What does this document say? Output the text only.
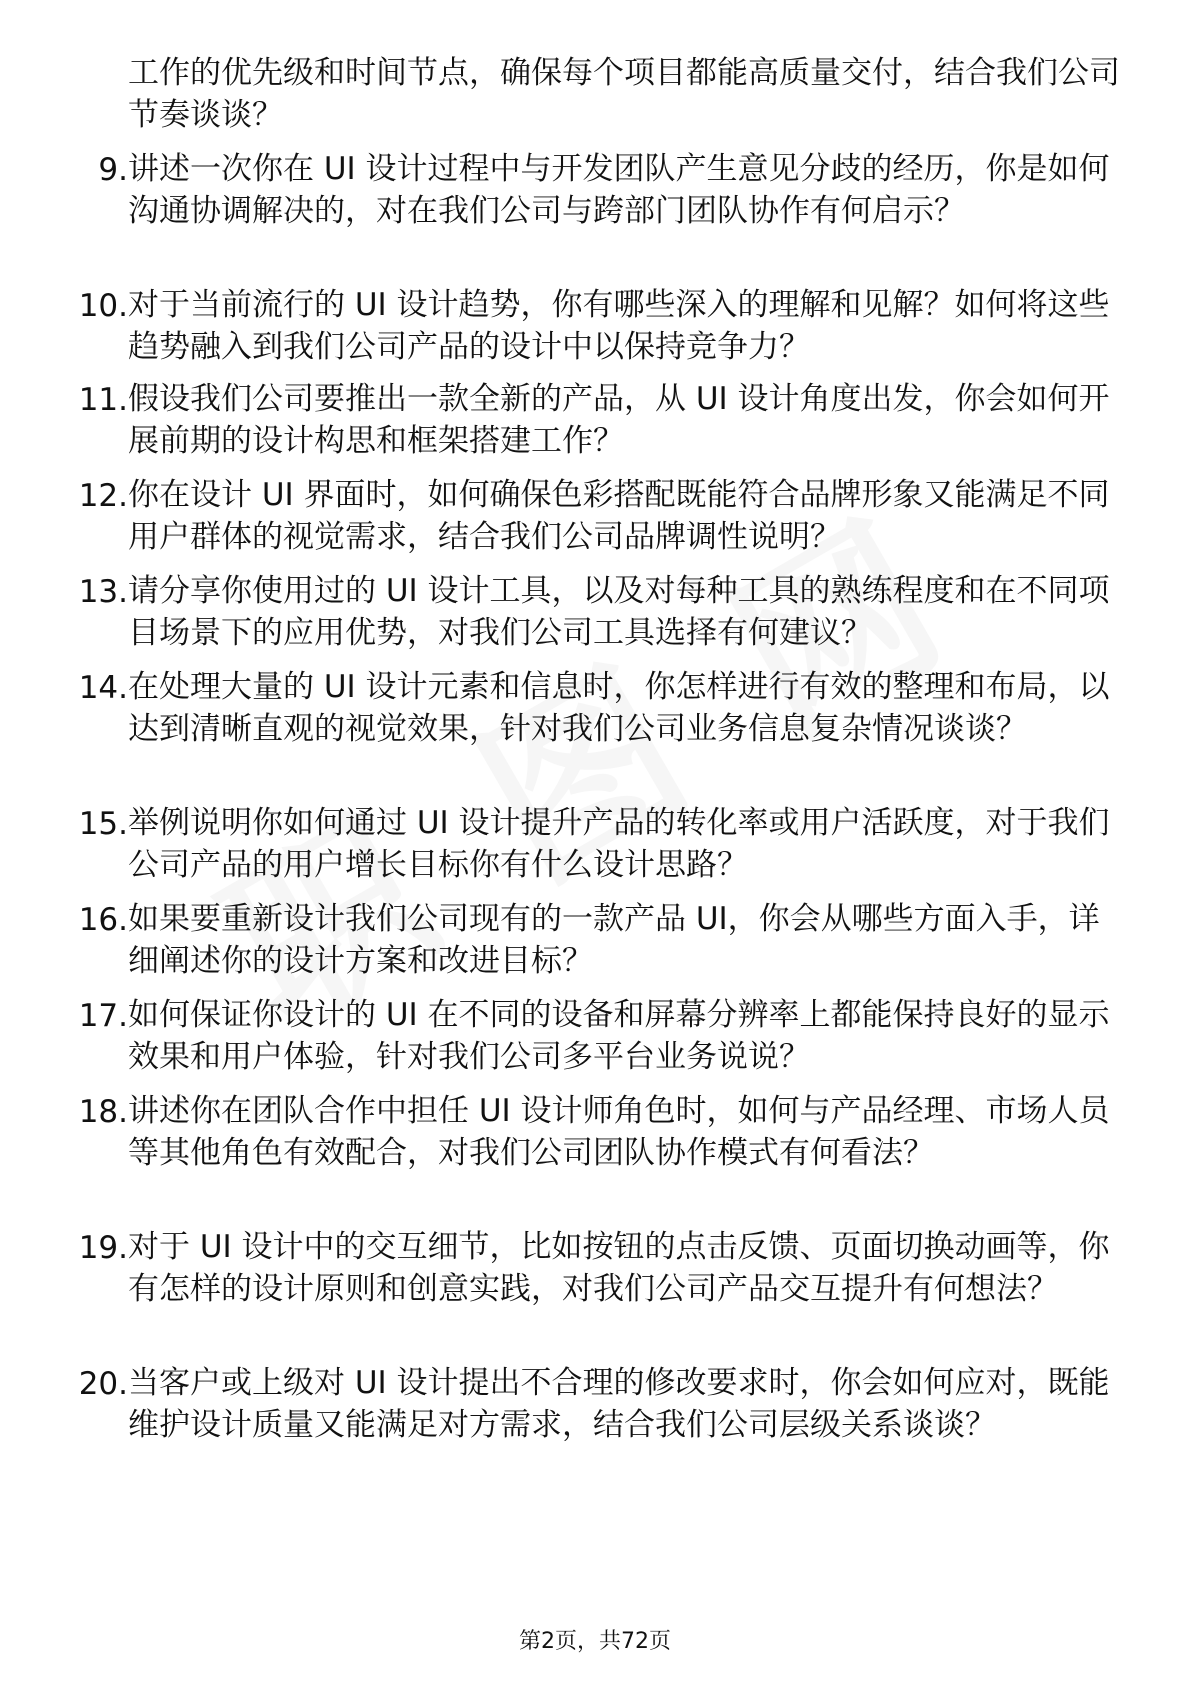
工作的优先级和时间节点，确保每个项目都能高质量交付，结合我们公司节奏谈谈？
9. 讲述一次你在 UI 设计过程中与开发团队产生意见分歧的经历，你是如何沟通协调解决的，对在我们公司与跨部门团队协作有何启示？
10. 对于当前流行的 UI 设计趋势，你有哪些深入的理解和见解？如何将这些趋势融入到我们公司产品的设计中以保持竞争力？
11. 假设我们公司要推出一款全新的产品，从 UI 设计角度出发，你会如何开展前期的设计构思和框架搭建工作？
12. 你在设计 UI 界面时，如何确保色彩搭配既能符合品牌形象又能满足不同用户群体的视觉需求，结合我们公司品牌调性说明？
13. 请分享你使用过的 UI 设计工具，以及对每种工具的熟练程度和在不同项目场景下的应用优势，对我们公司工具选择有何建议？
14. 在处理大量的 UI 设计元素和信息时，你怎样进行有效的整理和布局，以达到清晰直观的视觉效果，针对我们公司业务信息复杂情况谈谈？
15. 举例说明你如何通过 UI 设计提升产品的转化率或用户活跃度，对于我们公司产品的用户增长目标你有什么设计思路？
16. 如果要重新设计我们公司现有的一款产品 UI，你会从哪些方面入手，详细阐述你的设计方案和改进目标？
17. 如何保证你设计的 UI 在不同的设备和屏幕分辨率上都能保持良好的显示效果和用户体验，针对我们公司多平台业务说说？
18. 讲述你在团队合作中担任 UI 设计师角色时，如何与产品经理、市场人员等其他角色有效配合，对我们公司团队协作模式有何看法？
19. 对于 UI 设计中的交互细节，比如按钮的点击反馈、页面切换动画等，你有怎样的设计原则和创意实践，对我们公司产品交互提升有何想法？
20. 当客户或上级对 UI 设计提出不合理的修改要求时，你会如何应对，既能维护设计质量又能满足对方需求，结合我们公司层级关系谈谈？
第2页，共72页
